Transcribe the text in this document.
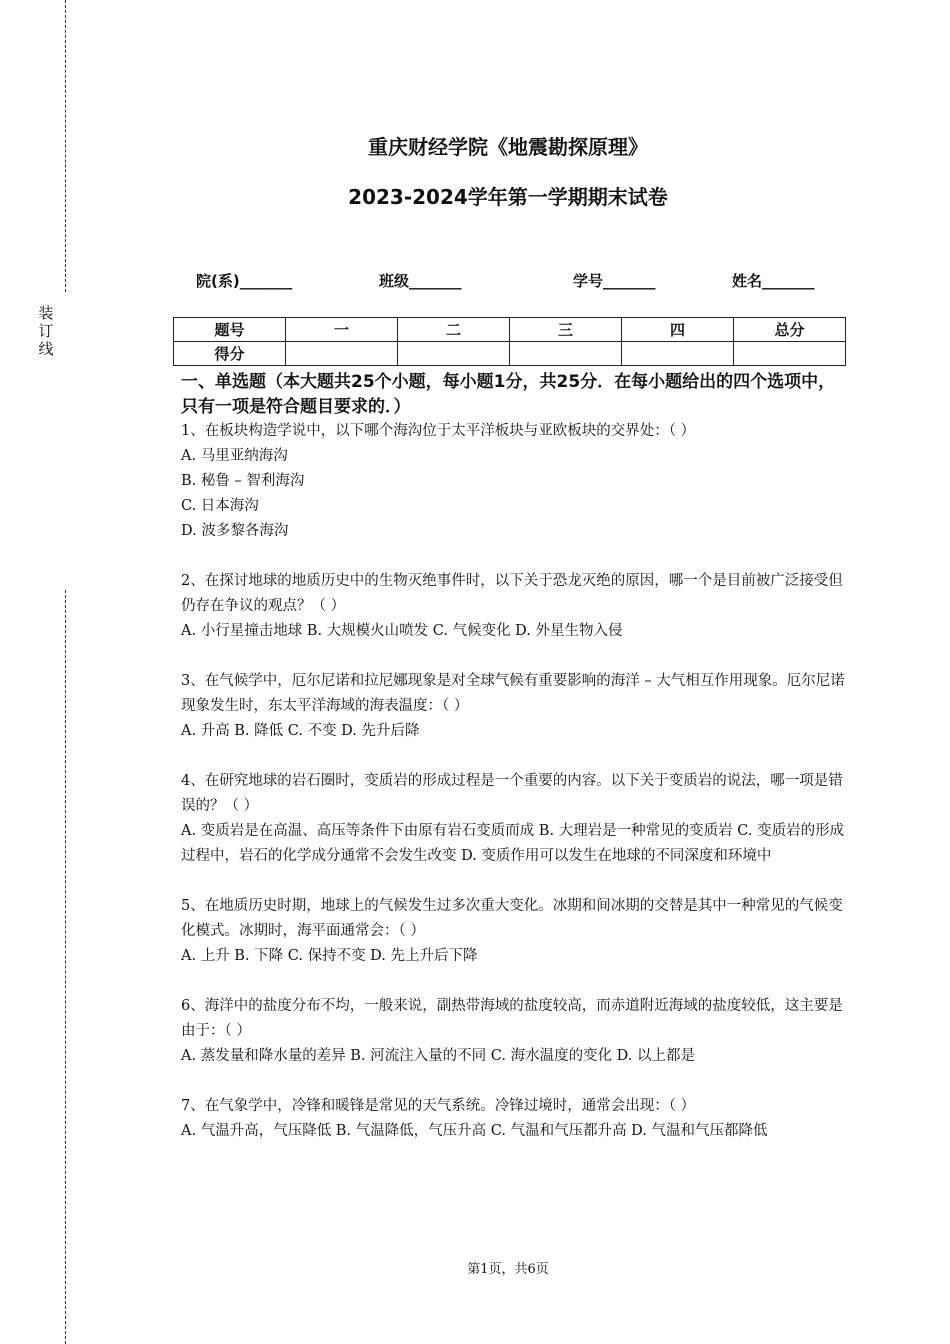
装
订
线
重庆财经学院《地震勘探原理》
2023-2024学年第一学期期末试卷
院(系)_______	班级_______	学号_______	姓名_______
题号	一	二	三	四	总分
得分					
一、单选题（本大题共25个小题，每小题1分，共25分．在每小题给出的四个选项中，只有一项是符合题目要求的．）

1、在板块构造学说中，以下哪个海沟位于太平洋板块与亚欧板块的交界处：（ ）

A. 马里亚纳海沟

B. 秘鲁 – 智利海沟

C. 日本海沟

D. 波多黎各海沟

2、在探讨地球的地质历史中的生物灭绝事件时，以下关于恐龙灭绝的原因，哪一个是目前被广泛接受但仍存在争议的观点？（ ）

A. 小行星撞击地球 B. 大规模火山喷发 C. 气候变化 D. 外星生物入侵

3、在气候学中，厄尔尼诺和拉尼娜现象是对全球气候有重要影响的海洋 – 大气相互作用现象。厄尔尼诺现象发生时，东太平洋海域的海表温度：（ ）

A. 升高 B. 降低 C. 不变 D. 先升后降

4、在研究地球的岩石圈时，变质岩的形成过程是一个重要的内容。以下关于变质岩的说法，哪一项是错误的？（ ）

A. 变质岩是在高温、高压等条件下由原有岩石变质而成 B. 大理岩是一种常见的变质岩 C. 变质岩的形成过程中，岩石的化学成分通常不会发生改变 D. 变质作用可以发生在地球的不同深度和环境中

5、在地质历史时期，地球上的气候发生过多次重大变化。冰期和间冰期的交替是其中一种常见的气候变化模式。冰期时，海平面通常会：（ ）

A. 上升 B. 下降 C. 保持不变 D. 先上升后下降

6、海洋中的盐度分布不均，一般来说，副热带海域的盐度较高，而赤道附近海域的盐度较低，这主要是由于：（ ）

A. 蒸发量和降水量的差异 B. 河流注入量的不同 C. 海水温度的变化 D. 以上都是

7、在气象学中，冷锋和暖锋是常见的天气系统。冷锋过境时，通常会出现：（ ）

A. 气温升高，气压降低 B. 气温降低，气压升高 C. 气温和气压都升高 D. 气温和气压都降低

第1页，共6页
